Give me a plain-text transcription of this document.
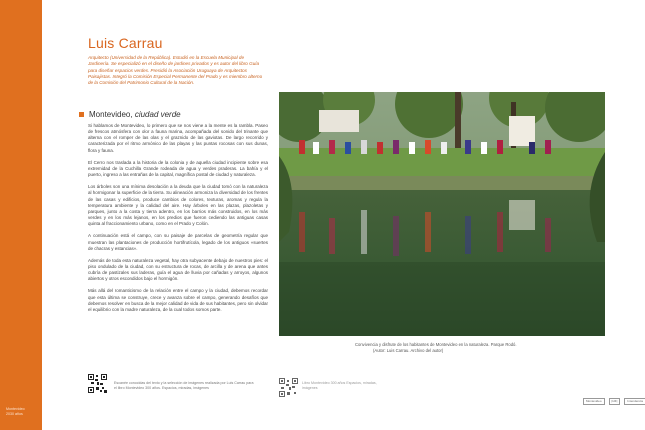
Montevideo
2030 años
Luis Carrau
Arquitecto (Universidad de la República). Estudió en la Escuela Municipal de Jardinería. Se especializó en el diseño de jardines privados y es autor del libro Guía para diseñar espacios verdes. Presidió la Asociación Uruguaya de Arquitectos Paisajistas. Integró la Comisión Especial Permanente del Prado y es miembro alterno de la Comisión del Patrimonio Cultural de la Nación.
Montevideo, ciudad verde

Si hablamos de Montevideo, lo primero que se nos viene a la mente es la rambla. Paseo de frescos atmósfera con olor a fauna marina, acompañada del sonido del trinante que alterna con el romper de las olas y el graznido de las gaviotas. De largo recorrido y caracterizada por el ritmo armónico de las playas y las puntas rocosas con sus dunas, flora y fauna.

El Cerro nos traslada a la historia de la colonia y de aquella ciudad incipiente sobre esa extremidad de la Cuchilla Grande rodeada de agua y verdes praderas. La bahía y el puerto, ingreso a las entrañas de la capital, magnífica postal de ciudad y naturaleza.

Los árboles son una mínima desolación a la deuda que la ciudad tomó con la naturaleza al hormigonar la superficie de la tierra. Su alineación armoniza la diversidad de los frentes de las casas y edificios, produce cambios de colores, texturas, aromas y regula la temperatura ambiente y la calidad del aire. Hay árboles en las plazas, plazoletas y parques, junto a la costa y tierra adentro, en los barrios más construidos, en los más verdes y en los más lejanos, en los predios que fueron cediendo las antiguas casas quinta al fraccionamiento urbano, como en el Prado y Colón.

A continuación está el campo, con su paisaje de parcelas de geometría regular que muestran las plantaciones de producción hortifrutícola, legado de los antiguos «suertes de chacras y estancias».

Además de toda esta naturaleza vegetal, hay otra subyacente debajo de nuestros pies: el piso ondulado de la ciudad, con su estructura de rocas, de arcilla y de arena que antes cubría de pastizales sus laderas, guía el agua de lluvia por cañadas y arroyos, algunos abiertos y otros escondidos bajo el hormigón.

Más allá del romanticismo de la relación entre el campo y la ciudad, debemos recordar que esta última se construye, crece y avanza sobre el campo, generando desafíos que debemos resolver en busca de la mejor calidad de vida de sus habitantes, pero sin olvidar el equilibrio con la madre naturaleza, de la cual todos somos parte.

Convivencia y disfrute de los habitantes de Montevideo en la naturaleza. Parque Rodó.
(Autor: Luis Carrau. Archivo del autor)
Escanée conocidas del texto y la selección de imágenes realizada por Luis Carrau para el libro Montevideo 300 años. Espacios, miradas, imágenes
Libro Montevideo 300 años Espacios, miradas, imágenes
Montevideo	|IdF|	Intendencia
